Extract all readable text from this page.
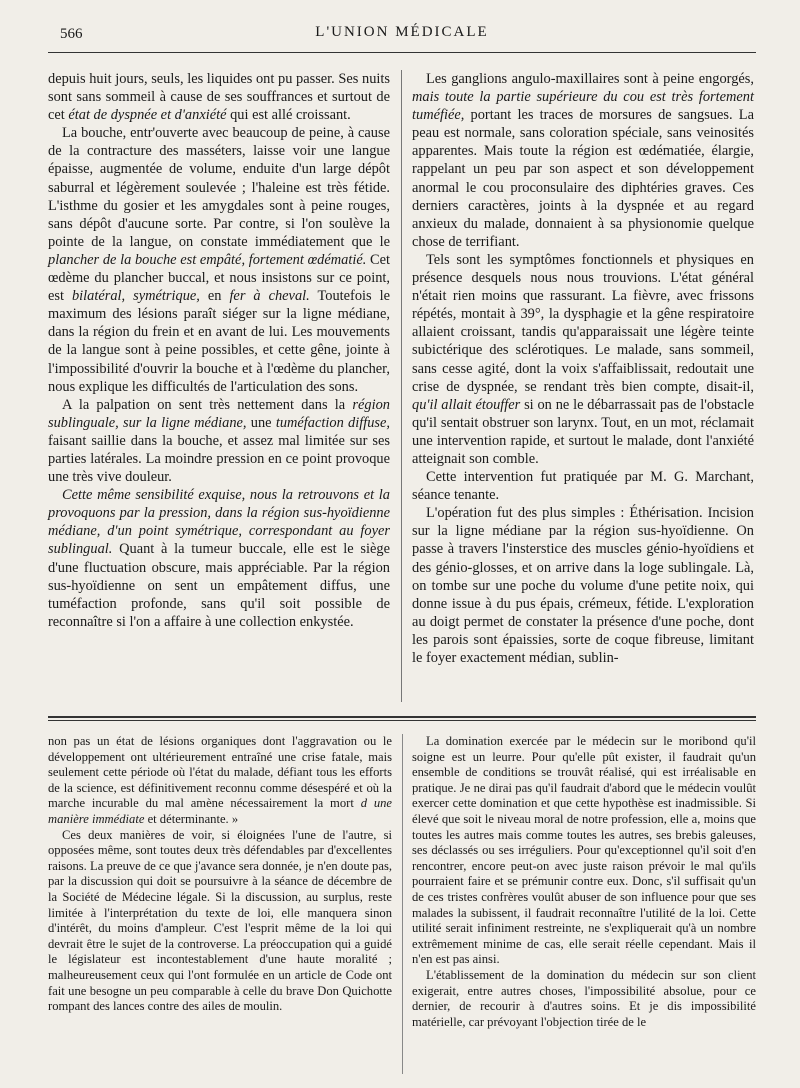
566	L'UNION MÉDICALE

depuis huit jours, seuls, les liquides ont pu passer. Ses nuits sont sans sommeil à cause de ses souffrances et surtout de cet état de dyspnée et d'anxiété qui est allé croissant.

La bouche, entr'ouverte avec beaucoup de peine, à cause de la contracture des masséters, laisse voir une langue épaisse, augmentée de volume, enduite d'un large dépôt saburral et légèrement soulevée ; l'haleine est très fétide. L'isthme du gosier et les amygdales sont à peine rouges, sans dépôt d'aucune sorte. Par contre, si l'on soulève la pointe de la langue, on constate immédiatement que le plancher de la bouche est empâté, fortement œdématié. Cet œdème du plancher buccal, et nous insistons sur ce point, est bilatéral, symétrique, en fer à cheval. Toutefois le maximum des lésions paraît siéger sur la ligne médiane, dans la région du frein et en avant de lui. Les mouvements de la langue sont à peine possibles, et cette gêne, jointe à l'impossibilité d'ouvrir la bouche et à l'œdème du plancher, nous explique les difficultés de l'articulation des sons.

A la palpation on sent très nettement dans la région sublinguale, sur la ligne médiane, une tuméfaction diffuse, faisant saillie dans la bouche, et assez mal limitée sur ses parties latérales. La moindre pression en ce point provoque une très vive douleur.

Cette même sensibilité exquise, nous la retrouvons et la provoquons par la pression, dans la région sus-hyoïdienne médiane, d'un point symétrique, correspondant au foyer sublingual. Quant à la tumeur buccale, elle est le siège d'une fluctuation obscure, mais appréciable. Par la région sus-hyoïdienne on sent un empâtement diffus, une tuméfaction profonde, sans qu'il soit possible de reconnaître si l'on a affaire à une collection enkystée.

Les ganglions angulo-maxillaires sont à peine engorgés, mais toute la partie supérieure du cou est très fortement tuméfiée, portant les traces de morsures de sangsues. La peau est normale, sans coloration spéciale, sans veinosités apparentes. Mais toute la région est œdématiée, élargie, rappelant un peu par son aspect et son développement anormal le cou proconsulaire des diphtéries graves. Ces derniers caractères, joints à la dyspnée et au regard anxieux du malade, donnaient à sa physionomie quelque chose de terrifiant.

Tels sont les symptômes fonctionnels et physiques en présence desquels nous nous trouvions. L'état général n'était rien moins que rassurant. La fièvre, avec frissons répétés, montait à 39°, la dysphagie et la gêne respiratoire allaient croissant, tandis qu'apparaissait une légère teinte subictérique des sclérotiques. Le malade, sans sommeil, sans cesse agité, dont la voix s'affaiblissait, redoutait une crise de dyspnée, se rendant très bien compte, disait-il, qu'il allait étouffer si on ne le débarrassait pas de l'obstacle qu'il sentait obstruer son larynx. Tout, en un mot, réclamait une intervention rapide, et surtout le malade, dont l'anxiété atteignait son comble.

Cette intervention fut pratiquée par M. G. Marchant, séance tenante.

L'opération fut des plus simples : Éthérisation. Incision sur la ligne médiane par la région sus-hyoïdienne. On passe à travers l'insterstice des muscles génio-hyoïdiens et des génio-glosses, et on arrive dans la loge sublingale. Là, on tombe sur une poche du volume d'une petite noix, qui donne issue à du pus épais, crémeux, fétide. L'exploration au doigt permet de constater la présence d'une poche, dont les parois sont épaissies, sorte de coque fibreuse, limitant le foyer exactement médian, sublin-

non pas un état de lésions organiques dont l'aggravation ou le développement ont ultérieurement entraîné une crise fatale, mais seulement cette période où l'état du malade, défiant tous les efforts de la science, est définitivement reconnu comme désespéré et où la marche incurable du mal amène nécessairement la mort d une manière immédiate et déterminante. »

Ces deux manières de voir, si éloignées l'une de l'autre, si opposées même, sont toutes deux très défendables par d'excellentes raisons. La preuve de ce que j'avance sera donnée, je n'en doute pas, par la discussion qui doit se poursuivre à la séance de décembre de la Société de Médecine légale. Si la discussion, au surplus, reste limitée à l'interprétation du texte de loi, elle manquera sinon d'intérêt, du moins d'ampleur. C'est l'esprit même de la loi qui devrait être le sujet de la controverse. La préoccupation qui a guidé le législateur est incontestablement d'une haute moralité ; malheureusement ceux qui l'ont formulée en un article de Code ont fait une besogne un peu comparable à celle du brave Don Quichotte rompant des lances contre des ailes de moulin.

La domination exercée par le médecin sur le moribond qu'il soigne est un leurre. Pour qu'elle pût exister, il faudrait qu'un ensemble de conditions se trouvât réalisé, qui est irréalisable en pratique. Je ne dirai pas qu'il faudrait d'abord que le médecin voulût exercer cette domination et que cette hypothèse est inadmissible. Si élevé que soit le niveau moral de notre profession, elle a, moins que toutes les autres mais comme toutes les autres, ses brebis galeuses, ses déclassés ou ses irréguliers. Pour qu'exceptionnel qu'il soit d'en rencontrer, encore peut-on avec juste raison prévoir le mal qu'ils pourraient faire et se prémunir contre eux. Donc, s'il suffisait qu'un de ces tristes confrères voulût abuser de son influence pour que ses malades la subissent, il faudrait reconnaître l'utilité de la loi. Cette utilité serait infiniment restreinte, ne s'expliquerait qu'à un nombre extrêmement minime de cas, elle serait réelle cependant. Mais il n'en est pas ainsi.

L'établissement de la domination du médecin sur son client exigerait, entre autres choses, l'impossibilité absolue, pour ce dernier, de recourir à d'autres soins. Et je dis impossibilité matérielle, car prévoyant l'objection tirée de le
